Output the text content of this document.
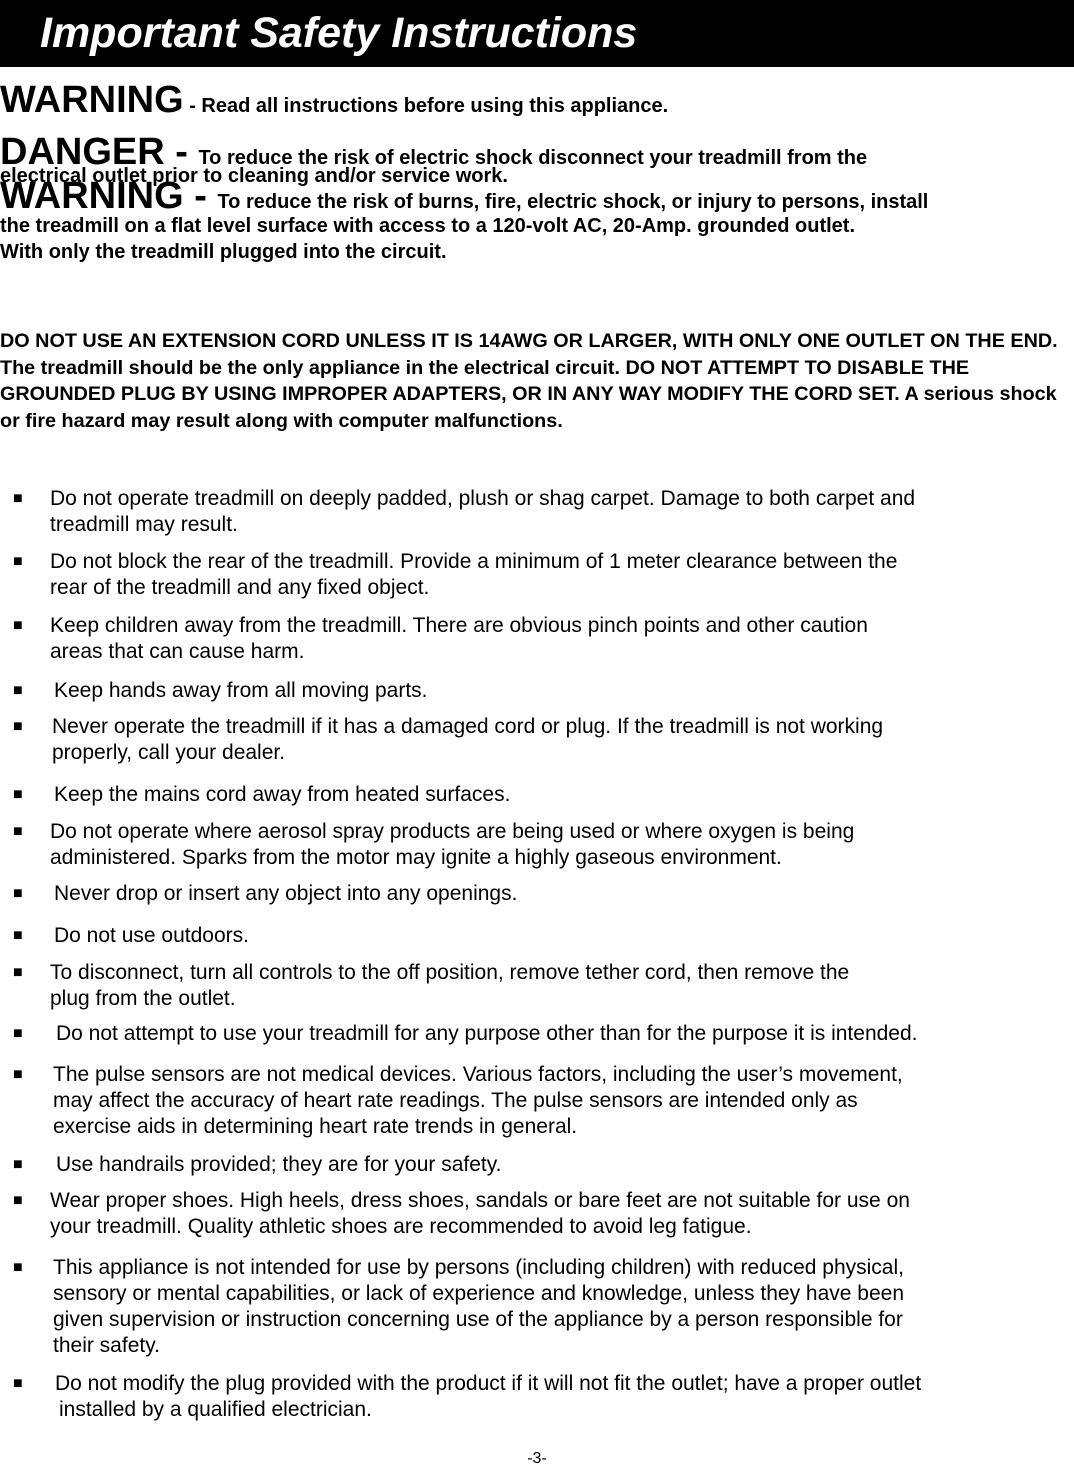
Important Safety Instructions
WARNING - Read all instructions before using this appliance.
DANGER - To reduce the risk of electric shock disconnect your treadmill from the
electrical outlet prior to cleaning and/or service work.
WARNING - To reduce the risk of burns, fire, electric shock, or injury to persons, install
the treadmill on a flat level surface with access to a 120-volt AC, 20-Amp. grounded outlet.
With only the treadmill plugged into the circuit.

DO NOT USE AN EXTENSION CORD UNLESS IT IS 14AWG OR LARGER, WITH ONLY ONE OUTLET ON THE END. The treadmill should be the only appliance in the electrical circuit. DO NOT ATTEMPT TO DISABLE THE GROUNDED PLUG BY USING IMPROPER ADAPTERS, OR IN ANY WAY MODIFY THE CORD SET. A serious shock or fire hazard may result along with computer malfunctions.

■ Do not operate treadmill on deeply padded, plush or shag carpet. Damage to both carpet and
treadmill may result.
■ Do not block the rear of the treadmill. Provide a minimum of 1 meter clearance between the
rear of the treadmill and any fixed object.
■ Keep children away from the treadmill. There are obvious pinch points and other caution
areas that can cause harm.
■ Keep hands away from all moving parts.
■ Never operate the treadmill if it has a damaged cord or plug. If the treadmill is not working
properly, call your dealer.
■ Keep the mains cord away from heated surfaces.
■ Do not operate where aerosol spray products are being used or where oxygen is being
administered. Sparks from the motor may ignite a highly gaseous environment.
■ Never drop or insert any object into any openings.
■ Do not use outdoors.
■ To disconnect, turn all controls to the off position, remove tether cord, then remove the
plug from the outlet.
■ Do not attempt to use your treadmill for any purpose other than for the purpose it is intended.
■ The pulse sensors are not medical devices. Various factors, including the user’s movement,
may affect the accuracy of heart rate readings. The pulse sensors are intended only as
exercise aids in determining heart rate trends in general.
■ Use handrails provided; they are for your safety.
■ Wear proper shoes. High heels, dress shoes, sandals or bare feet are not suitable for use on
your treadmill. Quality athletic shoes are recommended to avoid leg fatigue.
■ This appliance is not intended for use by persons (including children) with reduced physical,
sensory or mental capabilities, or lack of experience and knowledge, unless they have been
given supervision or instruction concerning use of the appliance by a person responsible for
their safety.
■ Do not modify the plug provided with the product if it will not fit the outlet; have a proper outlet
installed by a qualified electrician.
-3-
